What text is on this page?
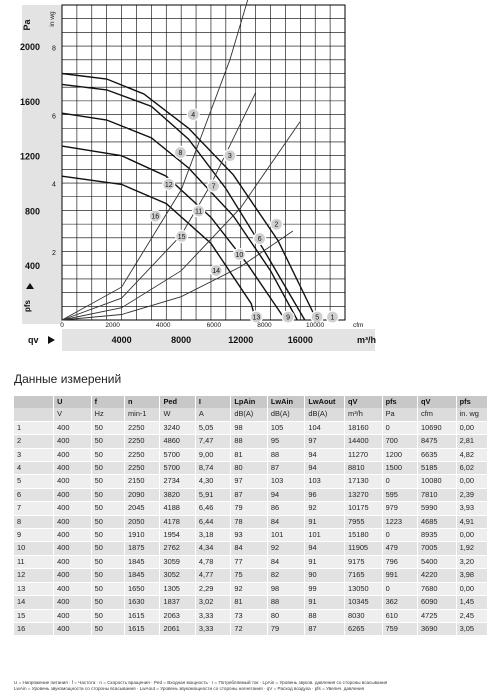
1
2
3
4
5
6
7
8
9
10
11
12
13
14
15
16
400
800
1200
1600
2000
Pa
2
4
6
8
in wg
pfs
0	2000	4000	6000	8000	10000	cfm
4000	8000	12000	16000	m³/h
qv
Данные измерений
	U	f	n	Ped	I	LpAin	LwAin	LwAout	qV	pfs	qV	pfs
	V	Hz	min-1	W	A	dB(A)	dB(A)	dB(A)	m³/h	Pa	cfm	in. wg
1	400	50	2250	3240	5,05	98	105	104	18160	0	10690	0,00
2	400	50	2250	4860	7,47	88	95	97	14400	700	8475	2,81
3	400	50	2250	5700	9,00	81	88	94	11270	1200	6635	4,82
4	400	50	2250	5700	8,74	80	87	94	8810	1500	5185	6,02
5	400	50	2150	2734	4,30	97	103	103	17130	0	10080	0,00
6	400	50	2090	3820	5,91	87	94	96	13270	595	7810	2,39
7	400	50	2045	4188	6,46	79	86	92	10175	979	5990	3,93
8	400	50	2050	4178	6,44	78	84	91	7955	1223	4685	4,91
9	400	50	1910	1954	3,18	93	101	101	15180	0	8935	0,00
10	400	50	1875	2762	4,34	84	92	94	11905	479	7005	1,92
11	400	50	1845	3059	4,78	77	84	91	9175	796	5400	3,20
12	400	50	1845	3052	4,77	75	82	90	7165	991	4220	3,98
13	400	50	1650	1305	2,29	92	98	99	13050	0	7680	0,00
14	400	50	1630	1837	3,02	81	88	91	10345	362	6090	1,45
15	400	50	1615	2063	3,33	73	80	88	8030	610	4725	2,45
16	400	50	1615	2061	3,33	72	79	87	6265	759	3690	3,05
U = Напряжение питания · f = Частота · n = Скорость вращения · Ped = Входная мощность · I = Потребляемый ток · LpAin = Уровень звуков. давления со стороны всасывания
LwAin = Уровень звукомощности со стороны всасывания · LwAout = Уровень звукомощности со стороны нагнетания · qV = Расход воздуха · pfs = Увелич. давления
